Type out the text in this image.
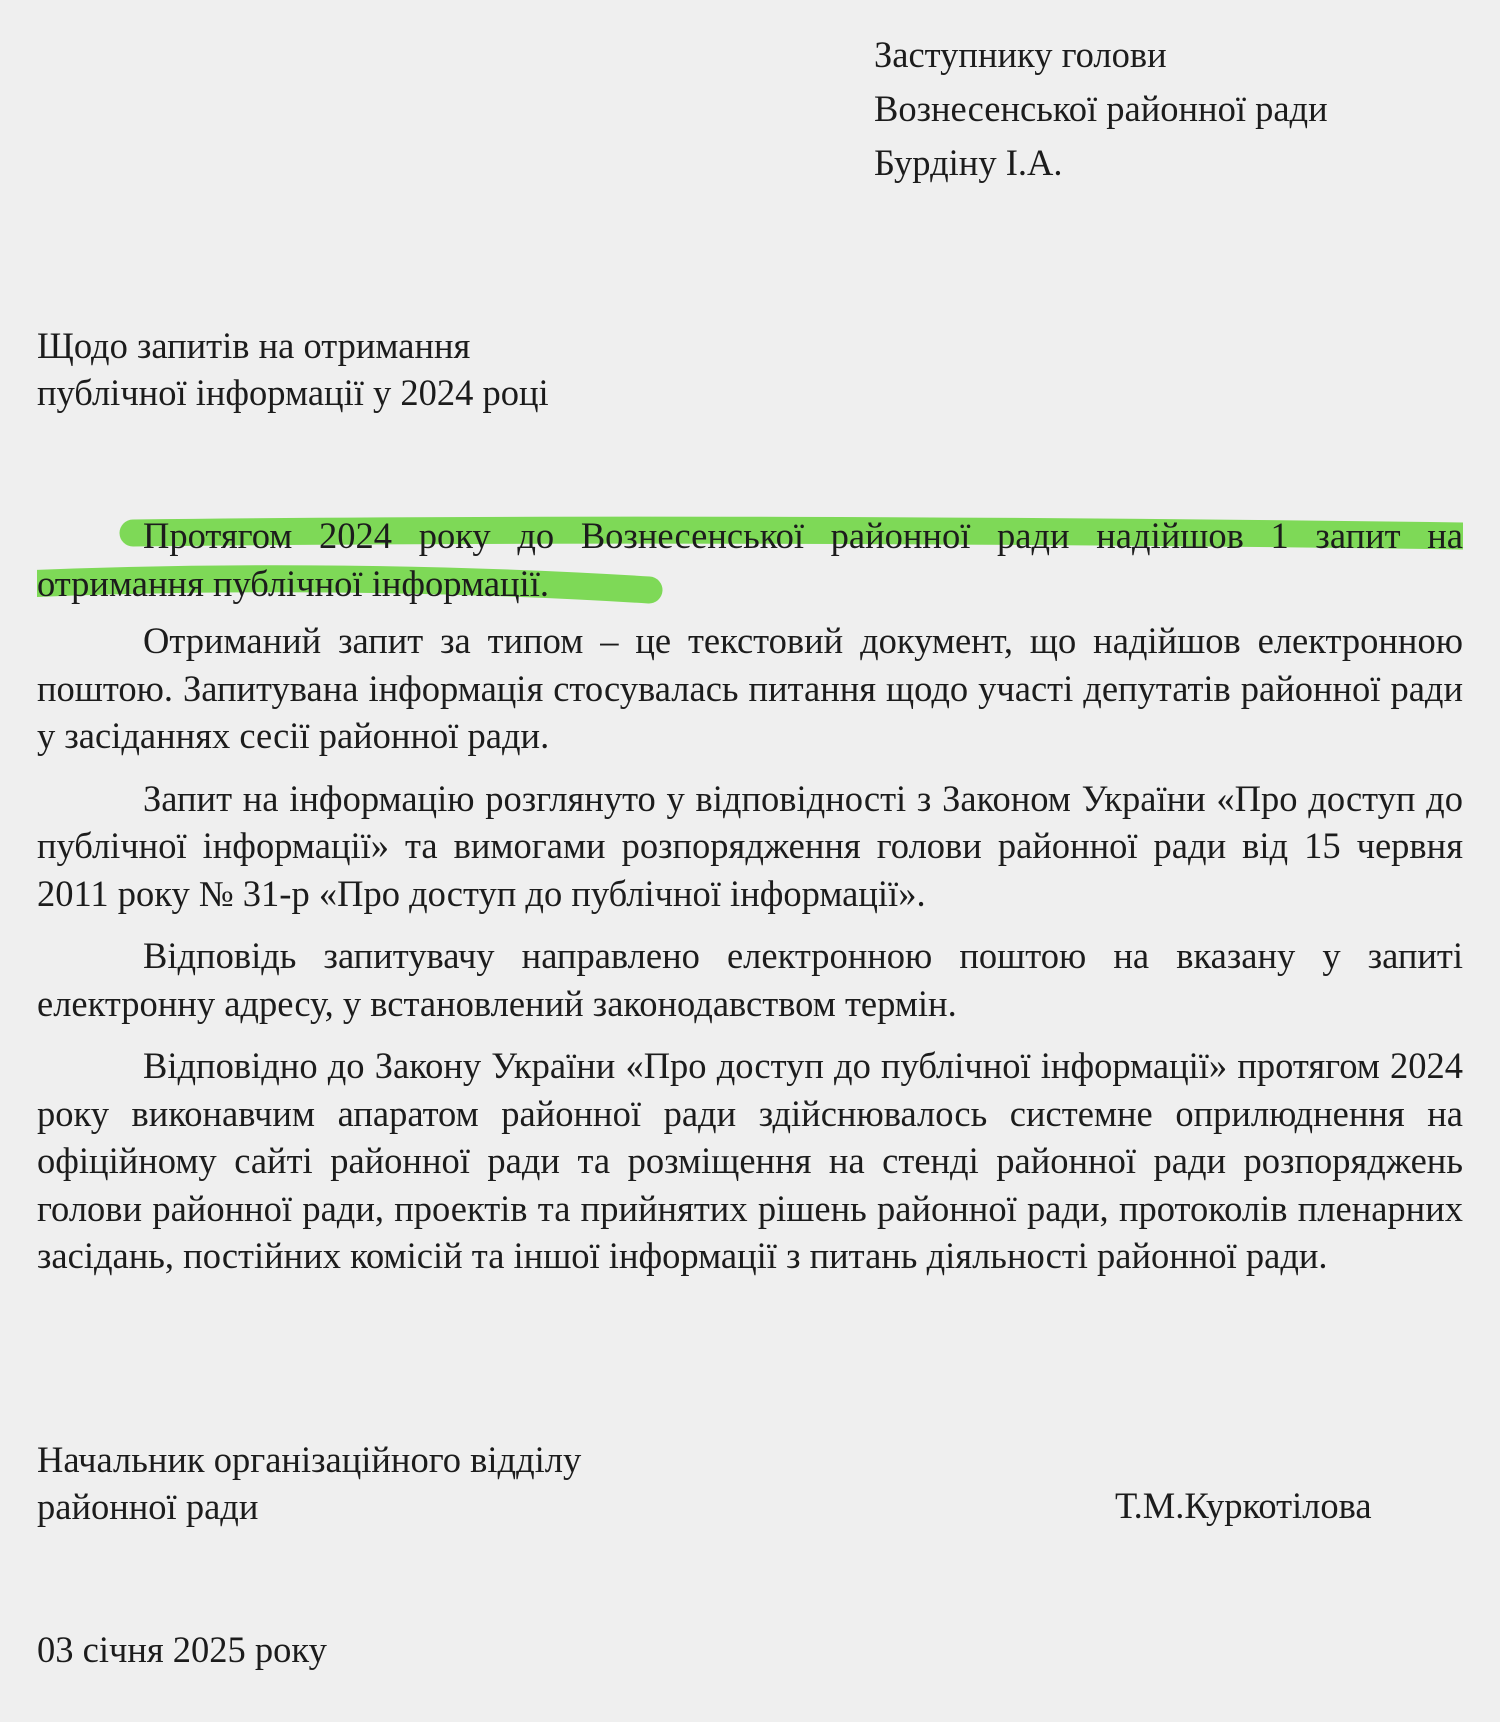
Заступнику голови
Вознесенської районної ради
Бурдіну І.А.
Щодо запитів на отримання
публічної інформації у 2024 році
Протягом 2024 року до Вознесенської районної ради надійшов 1 запит на отримання публічної інформації.
Отриманий запит за типом – це текстовий документ, що надійшов електронною поштою. Запитувана інформація стосувалась питання щодо участі депутатів районної ради у засіданнях сесії районної ради.
Запит на інформацію розглянуто у відповідності з Законом України «Про доступ до публічної інформації» та вимогами розпорядження голови районної ради від 15 червня 2011 року № 31-р «Про доступ до публічної інформації».
Відповідь запитувачу направлено електронною поштою на вказану у запиті електронну адресу, у встановлений законодавством термін.
Відповідно до Закону України «Про доступ до публічної інформації» протягом 2024 року виконавчим апаратом районної ради здійснювалось системне оприлюднення на офіційному сайті районної ради та розміщення на стенді районної ради розпоряджень голови районної ради, проектів та прийнятих рішень районної ради, протоколів пленарних засідань, постійних комісій та іншої інформації з питань діяльності районної ради.
Начальник організаційного відділу
районної ради	Т.М.Куркотілова
03 січня 2025 року
